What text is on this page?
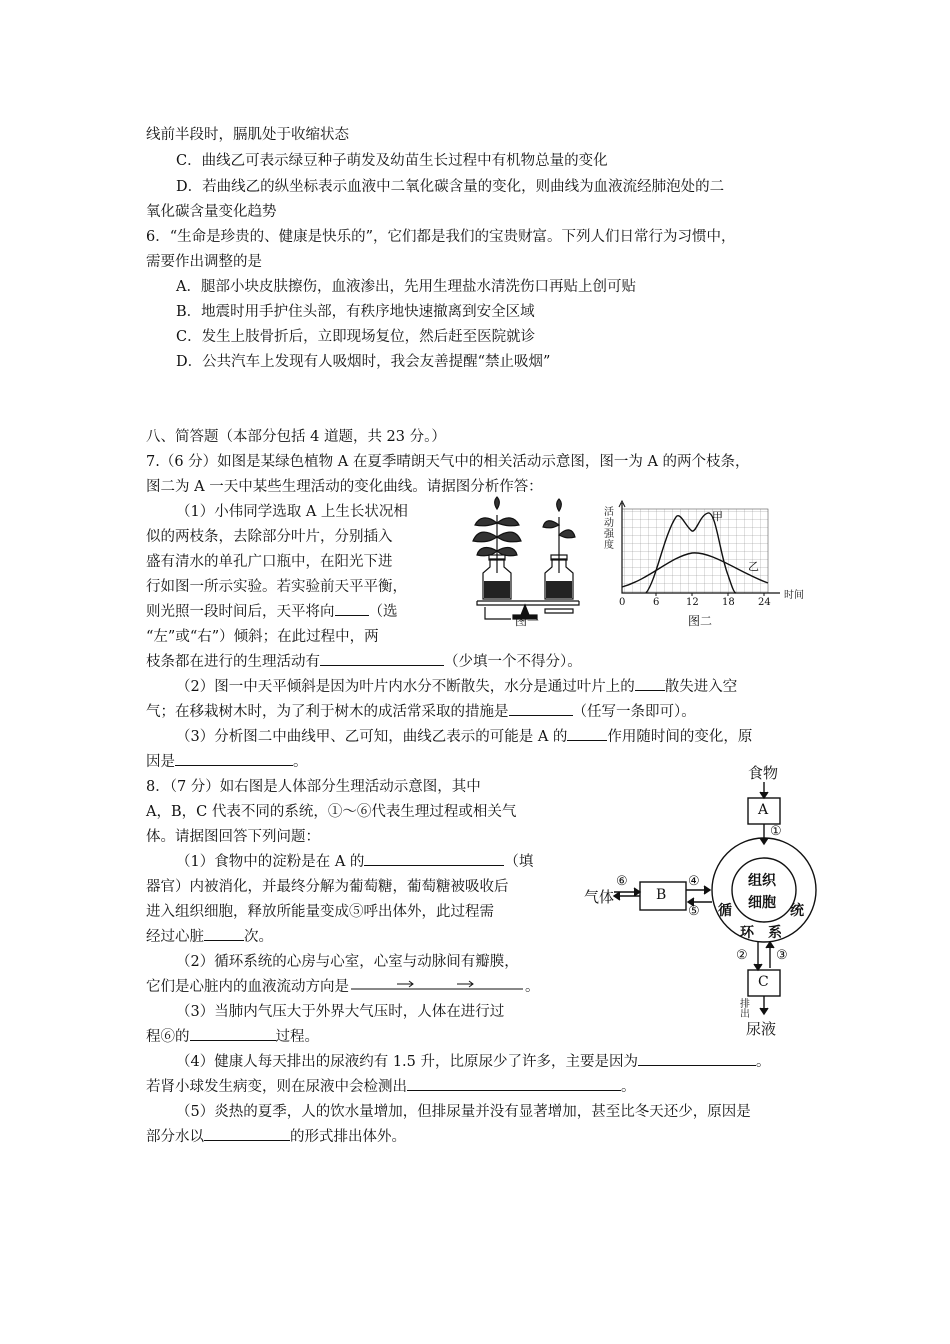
线前半段时，膈肌处于收缩状态
C．曲线乙可表示绿豆种子萌发及幼苗生长过程中有机物总量的变化
D．若曲线乙的纵坐标表示血液中二氧化碳含量的变化，则曲线为血液流经肺泡处的二
氧化碳含量变化趋势
6．“生命是珍贵的、健康是快乐的”，它们都是我们的宝贵财富。下列人们日常行为习惯中，
需要作出调整的是
A．腿部小块皮肤擦伤，血液渗出，先用生理盐水清洗伤口再贴上创可贴
B．地震时用手护住头部，有秩序地快速撤离到安全区域
C．发生上肢骨折后，立即现场复位，然后赶至医院就诊
D．公共汽车上发现有人吸烟时，我会友善提醒“禁止吸烟”
八、简答题（本部分包括 4 道题，共 23 分。）
7.（6 分）如图是某绿色植物 A 在夏季晴朗天气中的相关活动示意图，图一为 A 的两个枝条，
图二为 A 一天中某些生理活动的变化曲线。请据图分析作答：
（1）小伟同学选取 A 上生长状况相
似的两枝条，去除部分叶片，分别插入
盛有清水的单孔广口瓶中，在阳光下进
行如图一所示实验。若实验前天平平衡，
则光照一段时间后，天平将向 （选
“左”或“右”）倾斜；在此过程中，两
枝条都在进行的生理活动有	（少填一个不得分）。
（2）图一中天平倾斜是因为叶片内水分不断散失，水分是通过叶片上的 散失进入空
气；在移栽树木时，为了利于树木的成活常采取的措施是	（任写一条即可）。
（3）分析图二中曲线甲、乙可知，曲线乙表示的可能是 A 的	作用随时间的变化，原
因是	。
图一
活动强度
时间
甲
乙
0	6	12 18 24
图二
8．（7 分）如右图是人体部分生理活动示意图，其中
A，B，C 代表不同的系统，①～⑥代表生理过程或相关气
体。请据图回答下列问题：
（1）食物中的淀粉是在 A 的	（填
器官）内被消化，并最终分解为葡萄糖，葡萄糖被吸收后
进入组织细胞，释放所能量变成⑤呼出体外，此过程需
经过心脏	次。
（2）循环系统的心房与心室，心室与动脉间有瓣膜，
它们是心脏内的血液流动方向是	。
（3）当肺内气压大于外界大气压时，人体在进行过
程⑥的	过程。
（4）健康人每天排出的尿液约有 1.5 升，比原尿少了许多，主要是因为	。
若肾小球发生病变，则在尿液中会检测出	。
（5）炎热的夏季，人的饮水量增加，但排尿量并没有显著增加，甚至比冬天还少，原因是
部分水以	的形式排出体外。
食物
A
①
组织
细胞
循
环 系
统
B
④
⑤
⑥
气体
② ③
C
排出
尿液
